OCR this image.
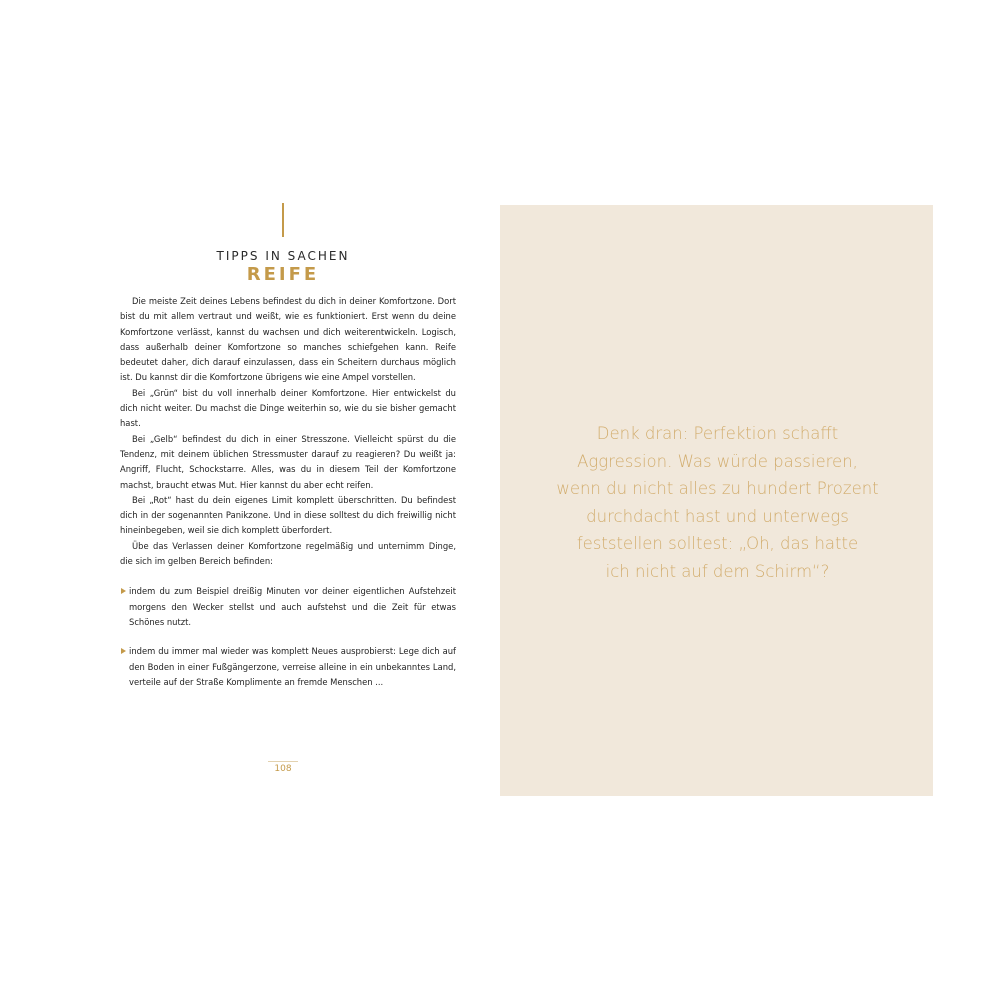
TIPPS IN SACHEN
REIFE

Die meiste Zeit deines Lebens befindest du dich in deiner Komfortzone. Dort bist du mit allem vertraut und weißt, wie es funktioniert. Erst wenn du deine Komfortzone verlässt, kannst du wachsen und dich weiterentwickeln. Logisch, dass außerhalb deiner Komfortzone so manches schiefgehen kann. Reife bedeutet daher, dich darauf einzulassen, dass ein Scheitern durchaus möglich ist. Du kannst dir die Komfortzone übrigens wie eine Ampel vorstellen.

Bei „Grün“ bist du voll innerhalb deiner Komfortzone. Hier entwickelst du dich nicht weiter. Du machst die Dinge weiterhin so, wie du sie bisher gemacht hast.

Bei „Gelb“ befindest du dich in einer Stresszone. Vielleicht spürst du die Tendenz, mit deinem üblichen Stressmuster darauf zu reagieren? Du weißt ja: Angriff, Flucht, Schockstarre. Alles, was du in diesem Teil der Komfortzone machst, braucht etwas Mut. Hier kannst du aber echt reifen.

Bei „Rot“ hast du dein eigenes Limit komplett überschritten. Du befindest dich in der sogenannten Panikzone. Und in diese solltest du dich freiwillig nicht hineinbegeben, weil sie dich komplett überfordert.

Übe das Verlassen deiner Komfortzone regelmäßig und unternimm Dinge, die sich im gelben Bereich befinden:

indem du zum Beispiel dreißig Minuten vor deiner eigentlichen Aufstehzeit morgens den Wecker stellst und auch aufstehst und die Zeit für etwas Schönes nutzt.
indem du immer mal wieder was komplett Neues ausprobierst: Lege dich auf den Boden in einer Fußgängerzone, verreise alleine in ein unbekanntes Land, verteile auf der Straße Komplimente an fremde Menschen ...
108
Denk dran: Perfektion schafft
Aggression. Was würde passieren,
wenn du nicht alles zu hundert Prozent
durchdacht hast und unterwegs
feststellen solltest: „Oh, das hatte
ich nicht auf dem Schirm“?
